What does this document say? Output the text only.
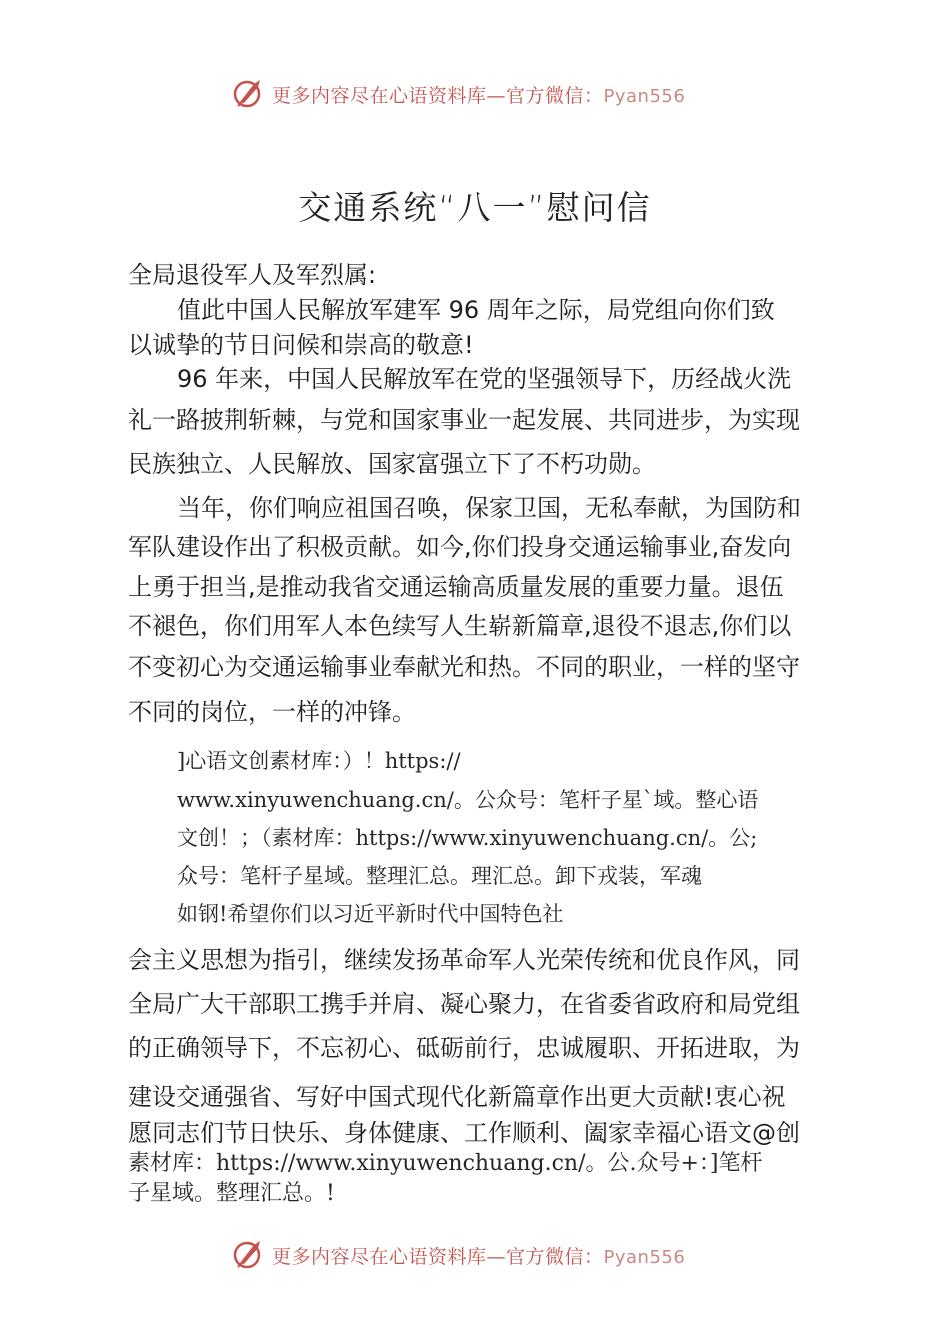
更多内容尽在心语资料库—官方微信：Pyan556
交通系统“八一”慰问信
全局退役军人及军烈属:
值此中国人民解放军建军 96 周年之际，局党组向你们致
以诚挚的节日问候和崇高的敬意!
96 年来，中国人民解放军在党的坚强领导下，历经战火洗
礼一路披荆斩棘，与党和国家事业一起发展、共同进步，为实现
民族独立、人民解放、国家富强立下了不朽功勋。
当年，你们响应祖国召唤，保家卫国，无私奉献，为国防和
军队建设作出了积极贡献。如今,你们投身交通运输事业,奋发向
上勇于担当,是推动我省交通运输高质量发展的重要力量。退伍
不褪色，你们用军人本色续写人生崭新篇章,退役不退志,你们以
不变初心为交通运输事业奉献光和热。不同的职业，一样的坚守
不同的岗位，一样的冲锋。
]心语文创素材库：）！https://
www.xinyuwenchuang.cn/。公众号：笔杆子星`域。整心语
文创！；（素材库：https://www.xinyuwenchuang.cn/。公;
众号：笔杆子星域。整理汇总。理汇总。卸下戎装，军魂
如钢!希望你们以习近平新时代中国特色社
会主义思想为指引，继续发扬革命军人光荣传统和优良作风，同
全局广大干部职工携手并肩、凝心聚力，在省委省政府和局党组
的正确领导下，不忘初心、砥砺前行，忠诚履职、开拓进取，为
建设交通强省、写好中国式现代化新篇章作出更大贡献!衷心祝
愿同志们节日快乐、身体健康、工作顺利、阖家幸福心语文@创
素材库：https://www.xinyuwenchuang.cn/。公.众号+：]笔杆
子星域。整理汇总。!
更多内容尽在心语资料库—官方微信：Pyan556
